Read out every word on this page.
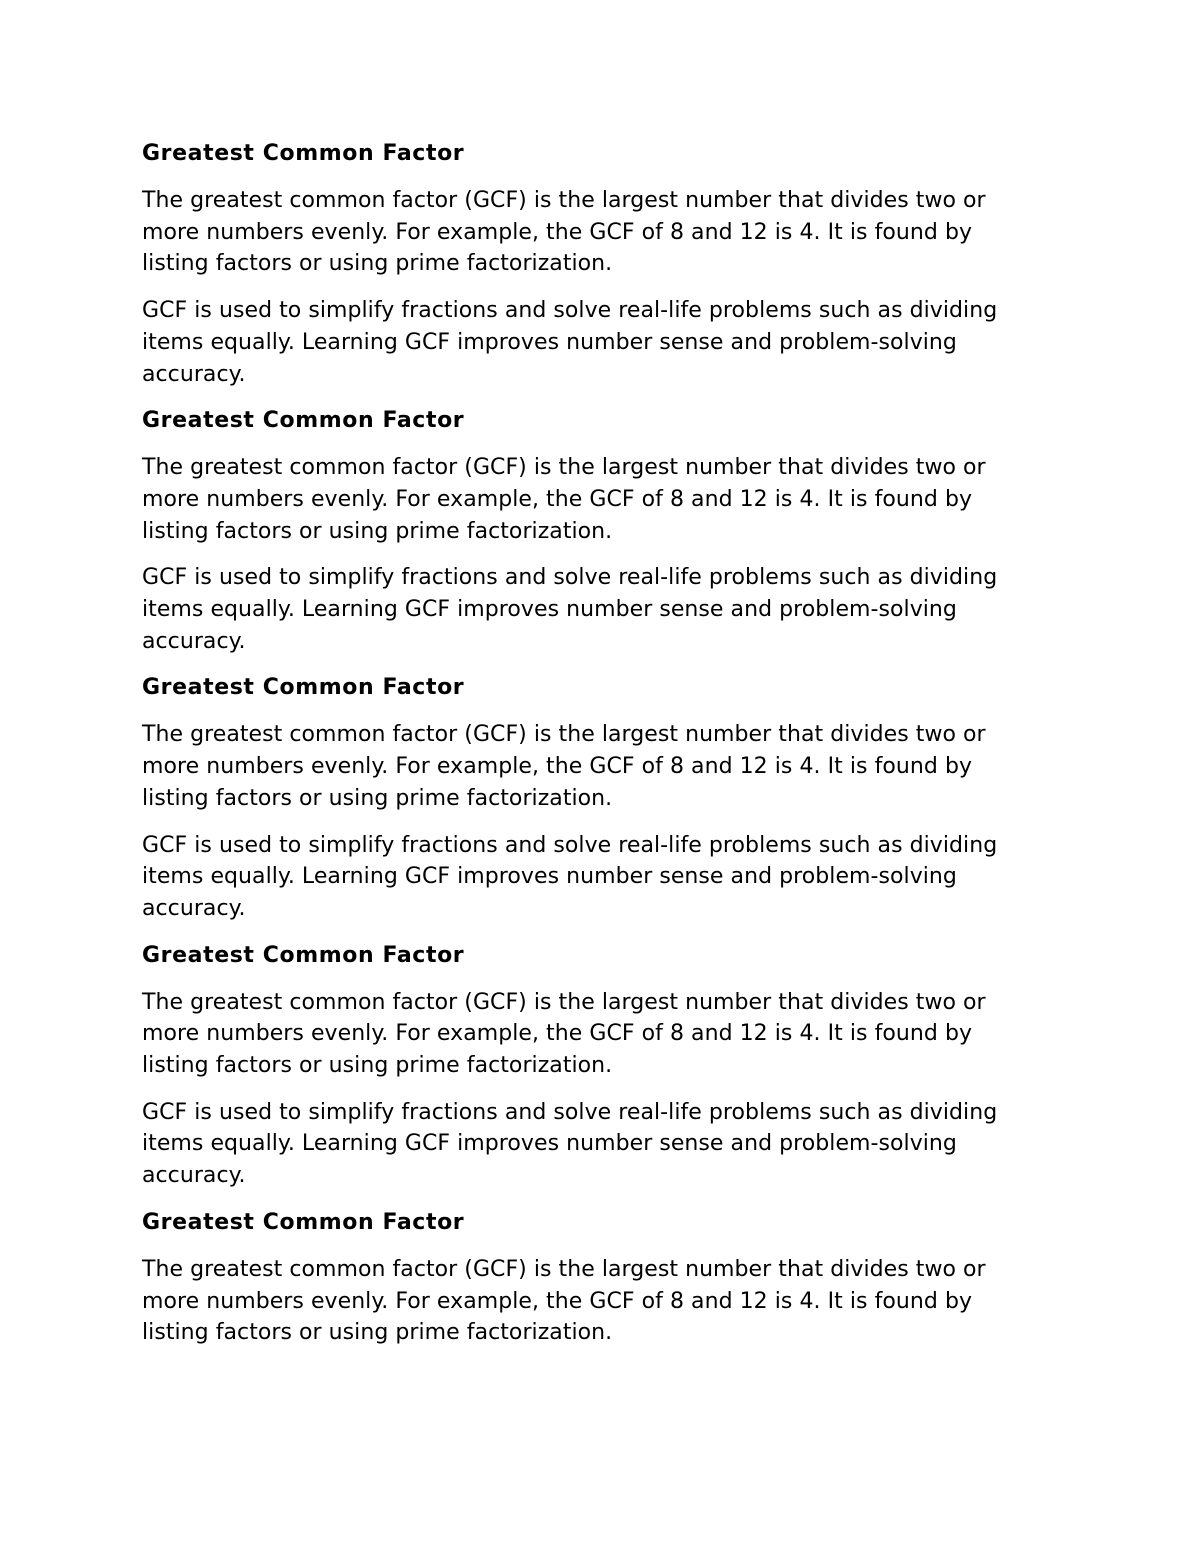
Greatest Common Factor
The greatest common factor (GCF) is the largest number that divides two or
more numbers evenly. For example, the GCF of 8 and 12 is 4. It is found by
listing factors or using prime factorization.
GCF is used to simplify fractions and solve real-life problems such as dividing
items equally. Learning GCF improves number sense and problem-solving
accuracy.
Greatest Common Factor
The greatest common factor (GCF) is the largest number that divides two or
more numbers evenly. For example, the GCF of 8 and 12 is 4. It is found by
listing factors or using prime factorization.
GCF is used to simplify fractions and solve real-life problems such as dividing
items equally. Learning GCF improves number sense and problem-solving
accuracy.
Greatest Common Factor
The greatest common factor (GCF) is the largest number that divides two or
more numbers evenly. For example, the GCF of 8 and 12 is 4. It is found by
listing factors or using prime factorization.
GCF is used to simplify fractions and solve real-life problems such as dividing
items equally. Learning GCF improves number sense and problem-solving
accuracy.
Greatest Common Factor
The greatest common factor (GCF) is the largest number that divides two or
more numbers evenly. For example, the GCF of 8 and 12 is 4. It is found by
listing factors or using prime factorization.
GCF is used to simplify fractions and solve real-life problems such as dividing
items equally. Learning GCF improves number sense and problem-solving
accuracy.
Greatest Common Factor
The greatest common factor (GCF) is the largest number that divides two or
more numbers evenly. For example, the GCF of 8 and 12 is 4. It is found by
listing factors or using prime factorization.
